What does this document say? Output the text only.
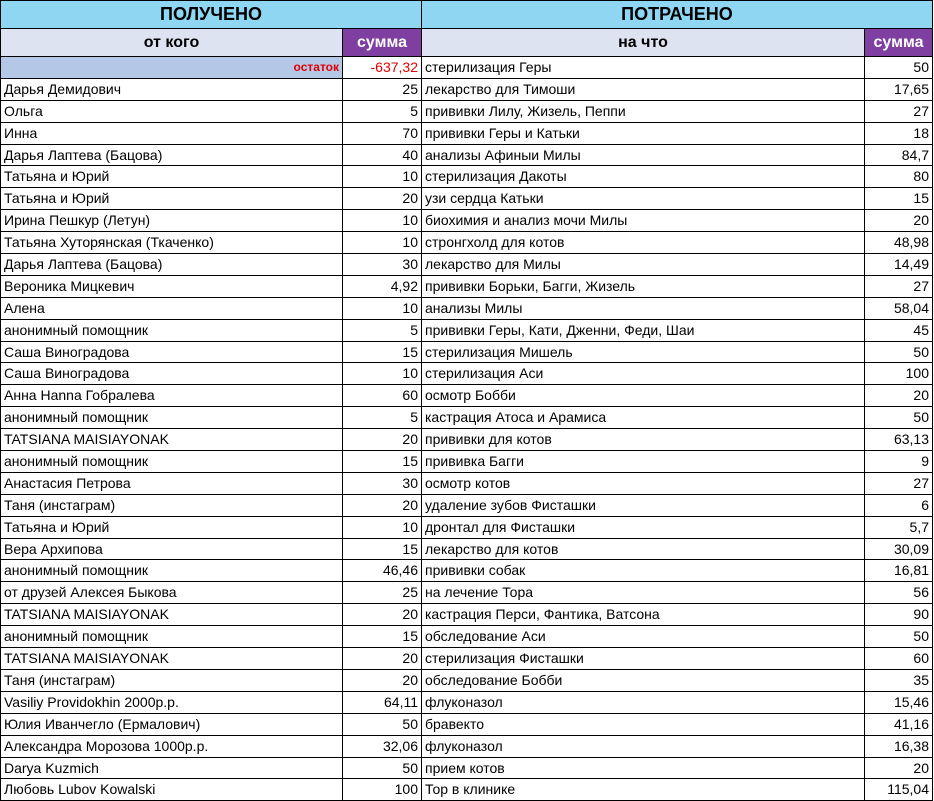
ПОЛУЧЕНО	ПОТРАЧЕНО
от кого	сумма	на что	сумма
остаток	-637,32 стерилизация Геры	50
Дарья Демидович	25 лекарство для Тимоши	17,65
Ольга	5 прививки Лилу, Жизель, Пеппи	27
Инна	70 прививки Геры и Катьки	18
Дарья Лаптева (Бацова)	40 анализы Афиныи Милы	84,7
Татьяна и Юрий	10 стерилизация Дакоты	80
Татьяна и Юрий	20 узи сердца Катьки	15
Ирина Пешкур (Летун)	10 биохимия и анализ мочи Милы	20
Татьяна Хуторянская (Ткаченко)	10 стронгхолд для котов	48,98
Дарья Лаптева (Бацова)	30 лекарство для Милы	14,49
Вероника Мицкевич	4,92 прививки Борьки, Багги, Жизель	27
Алена	10 анализы Милы	58,04
анонимный помощник	5 прививки Геры, Кати, Дженни, Феди, Шаи	45
Саша Виноградова	15 стерилизация Мишель	50
Саша Виноградова	10 стерилизация Аси	100
Анна Hanna Гобралева	60 осмотр Бобби	20
анонимный помощник	5 кастрация Атоса и Арамиса	50
TATSIANA MAISIAYONAK	20 прививки для котов	63,13
анонимный помощник	15 прививка Багги	9
Анастасия Петрова	30 осмотр котов	27
Таня (инстаграм)	20 удаление зубов Фисташки	6
Татьяна и Юрий	10 дронтал для Фисташки	5,7
Вера Архипова	15 лекарство для котов	30,09
анонимный помощник	46,46 прививки собак	16,81
от друзей Алексея Быкова	25 на лечение Тора	56
TATSIANA MAISIAYONAK	20 кастрация Перси, Фантика, Ватсона	90
анонимный помощник	15 обследование Аси	50
TATSIANA MAISIAYONAK	20 стерилизация Фисташки	60
Таня (инстаграм)	20 обследование Бобби	35
Vasiliy Providokhin 2000р.р.	64,11 флуконазол	15,46
Юлия Иванчегло (Ермалович)	50 бравекто	41,16
Александра Морозова 1000р.р.	32,06 флуконазол	16,38
Darya Kuzmich	50 прием котов	20
Любовь Lubov Kowalski	100 Тор в клинике	115,04
